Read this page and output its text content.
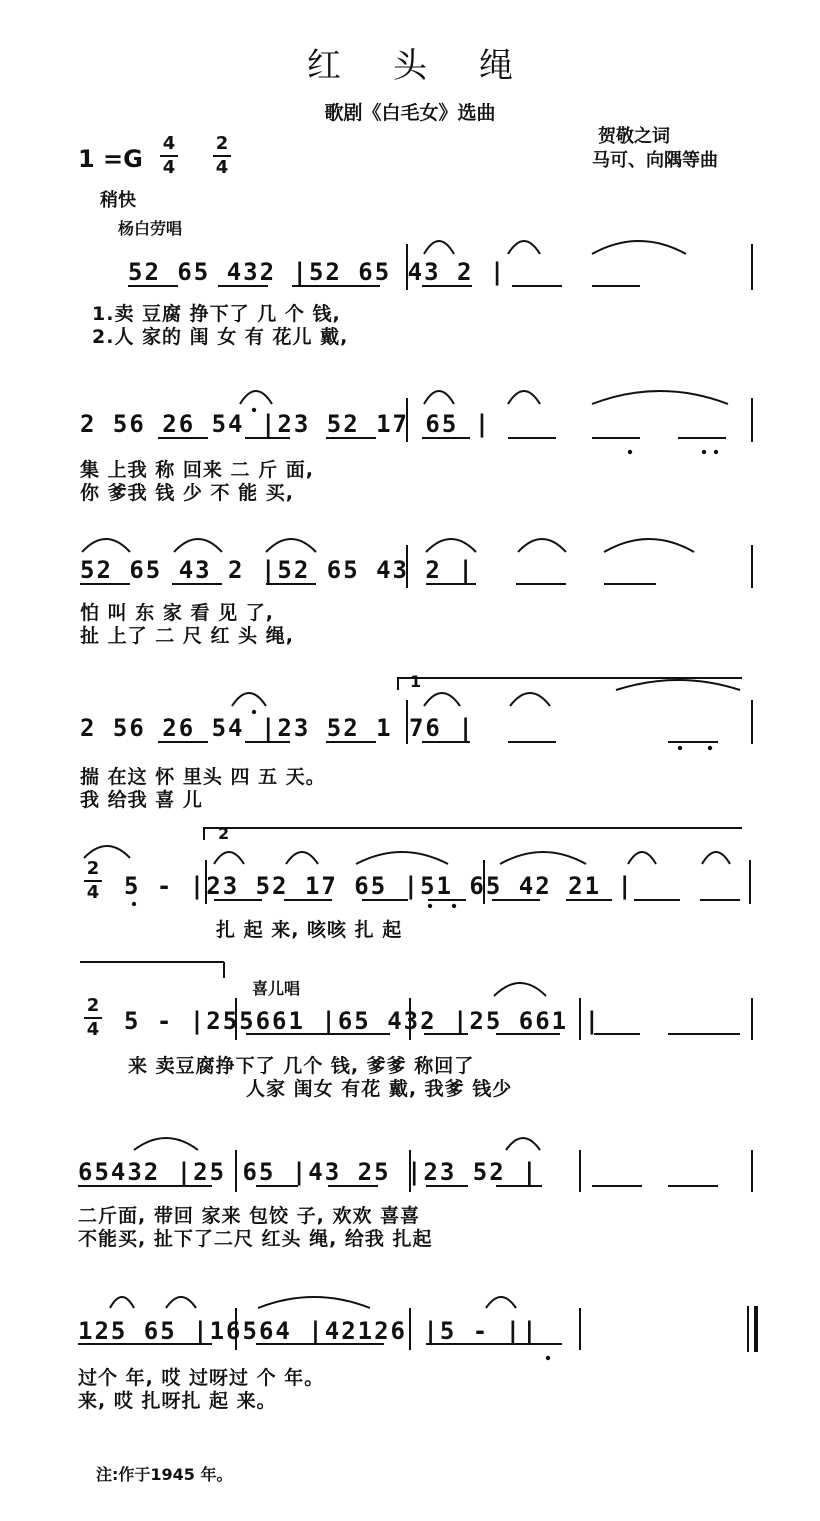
红头绳
歌剧《白毛女》选曲
贺敬之词
马可、向隅等曲
1 =G
4
4
2
4
稍快
杨白劳唱
52 65 432 |52 65 43 2 |
1.卖 豆腐 挣下了 几 个 钱,
2.人 家的 闺 女 有 花儿 戴,
2 56 26 54 |23 52 17 65 |
集 上我 称 回来 二 斤 面,
你 爹我 钱 少 不 能 买,
52 65 43 2 |52 65 43 2 |
怕 叫 东 家 看 见 了,
扯 上了 二 尺 红 头 绳,
2 56 26 54 |23 52 1 76 |
揣 在这 怀 里头 四 五 天。
我 给我 喜 儿
1
2
4 5 - |23 52 17 65 |51 65 42 21 |
扎 起 来, 咳咳 扎 起
2
2
4
喜儿唱
5 - |255661 |65 432 |25 661 |
来 卖豆腐挣下了 几个 钱, 爹爹 称回了
人家 闺女 有花 戴, 我爹 钱少
65432 |25 65 |43 25 |23 52 |
二斤面, 带回 家来 包饺 子, 欢欢 喜喜
不能买, 扯下了二尺 红头 绳, 给我 扎起
125 65 |16564 |42126 |5 - ||
过个 年, 哎 过呀过 个 年。
来, 哎 扎呀扎 起 来。
注:作于1945 年。
